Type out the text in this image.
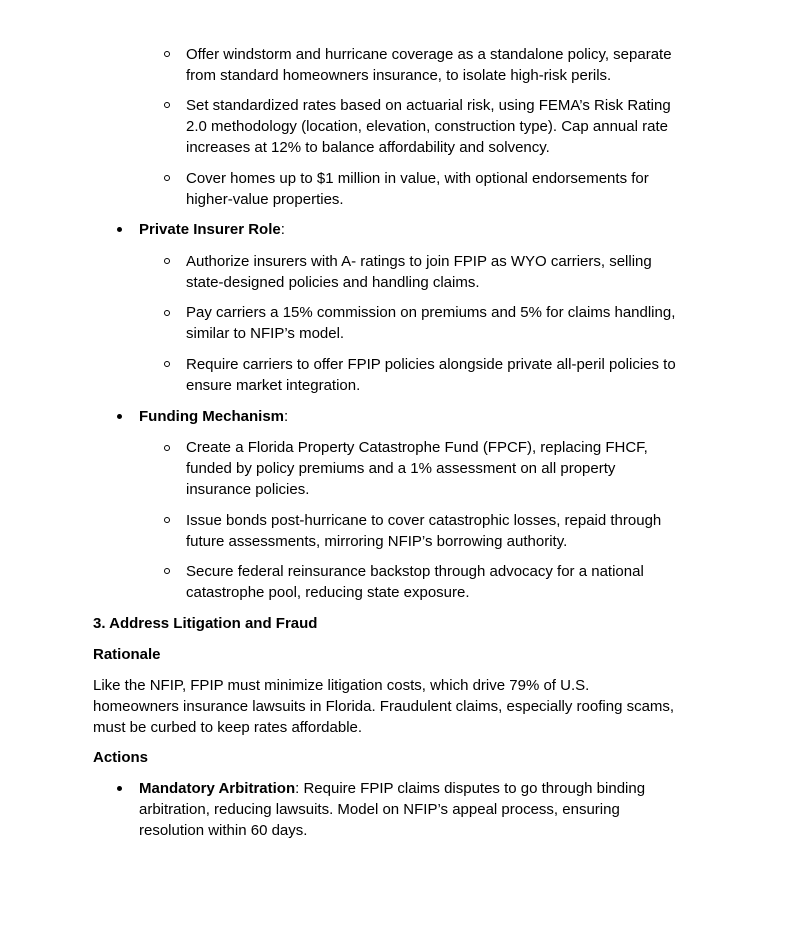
Offer windstorm and hurricane coverage as a standalone policy, separate
from standard homeowners insurance, to isolate high-risk perils.
Set standardized rates based on actuarial risk, using FEMA’s Risk Rating
2.0 methodology (location, elevation, construction type). Cap annual rate
increases at 12% to balance affordability and solvency.
Cover homes up to $1 million in value, with optional endorsements for
higher-value properties.
Private Insurer Role:
Authorize insurers with A- ratings to join FPIP as WYO carriers, selling
state-designed policies and handling claims.
Pay carriers a 15% commission on premiums and 5% for claims handling,
similar to NFIP’s model.
Require carriers to offer FPIP policies alongside private all-peril policies to
ensure market integration.
Funding Mechanism:
Create a Florida Property Catastrophe Fund (FPCF), replacing FHCF,
funded by policy premiums and a 1% assessment on all property
insurance policies.
Issue bonds post-hurricane to cover catastrophic losses, repaid through
future assessments, mirroring NFIP’s borrowing authority.
Secure federal reinsurance backstop through advocacy for a national
catastrophe pool, reducing state exposure.
3. Address Litigation and Fraud
Rationale
Like the NFIP, FPIP must minimize litigation costs, which drive 79% of U.S.
homeowners insurance lawsuits in Florida. Fraudulent claims, especially roofing scams,
must be curbed to keep rates affordable.
Actions
Mandatory Arbitration: Require FPIP claims disputes to go through binding
arbitration, reducing lawsuits. Model on NFIP’s appeal process, ensuring
resolution within 60 days.
